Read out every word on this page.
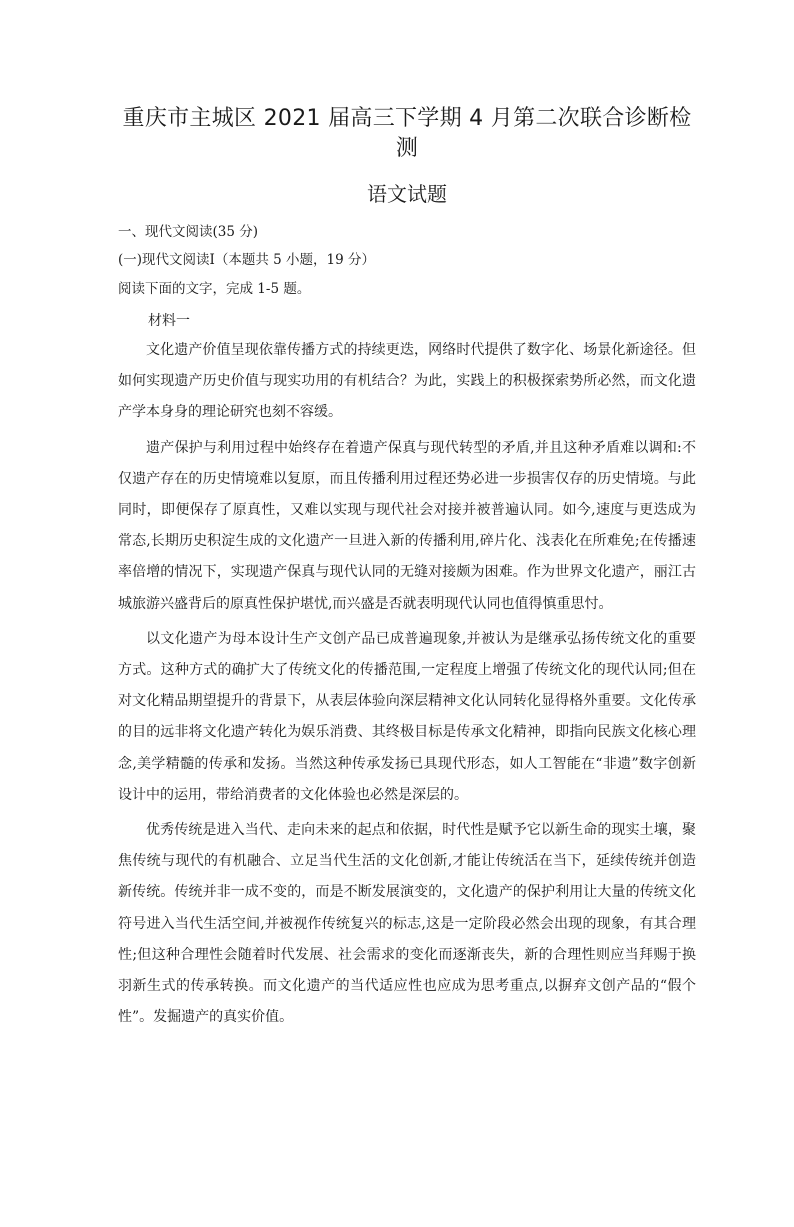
重庆市主城区 2021 届高三下学期 4 月第二次联合诊断检测
语文试题

一、现代文阅读(35 分)

(一)现代文阅读Ⅰ（本题共 5 小题，19 分）

阅读下面的文字，完成 1-5 题。

材料一

文化遗产价值呈现依靠传播方式的持续更迭，网络时代提供了数字化、场景化新途径。但如何实现遗产历史价值与现实功用的有机结合？为此，实践上的积极探索势所必然，而文化遗产学本身身的理论研究也刻不容缓。

遗产保护与利用过程中始终存在着遗产保真与现代转型的矛盾,并且这种矛盾难以调和:不仅遗产存在的历史情境难以复原，而且传播利用过程还势必进一步损害仅存的历史情境。与此同时，即便保存了原真性，又难以实现与现代社会对接并被普遍认同。如今,速度与更迭成为常态,长期历史积淀生成的文化遗产一旦进入新的传播利用,碎片化、浅表化在所难免;在传播速率倍增的情况下，实现遗产保真与现代认同的无缝对接颇为困难。作为世界文化遗产，丽江古城旅游兴盛背后的原真性保护堪忧,而兴盛是否就表明现代认同也值得慎重思忖。

以文化遗产为母本设计生产文创产品已成普遍现象,并被认为是继承弘扬传统文化的重要方式。这种方式的确扩大了传统文化的传播范围,一定程度上增强了传统文化的现代认同;但在对文化精品期望提升的背景下，从表层体验向深层精神文化认同转化显得格外重要。文化传承的目的远非将文化遗产转化为娱乐消费、其终极目标是传承文化精神，即指向民族文化核心理念,美学精髓的传承和发扬。当然这种传承发扬已具现代形态，如人工智能在“非遗”数字创新设计中的运用，带给消费者的文化体验也必然是深层的。

优秀传统是进入当代、走向未来的起点和依据，时代性是赋予它以新生命的现实土壤，聚焦传统与现代的有机融合、立足当代生活的文化创新,才能让传统活在当下，延续传统并创造新传统。传统并非一成不变的，而是不断发展演变的，文化遗产的保护利用让大量的传统文化符号进入当代生活空间,并被视作传统复兴的标志,这是一定阶段必然会出现的现象，有其合理性;但这种合理性会随着时代发展、社会需求的变化而逐渐丧失，新的合理性则应当拜赐于换羽新生式的传承转换。而文化遗产的当代适应性也应成为思考重点,以摒弃文创产品的“假个性”。发掘遗产的真实价值。
